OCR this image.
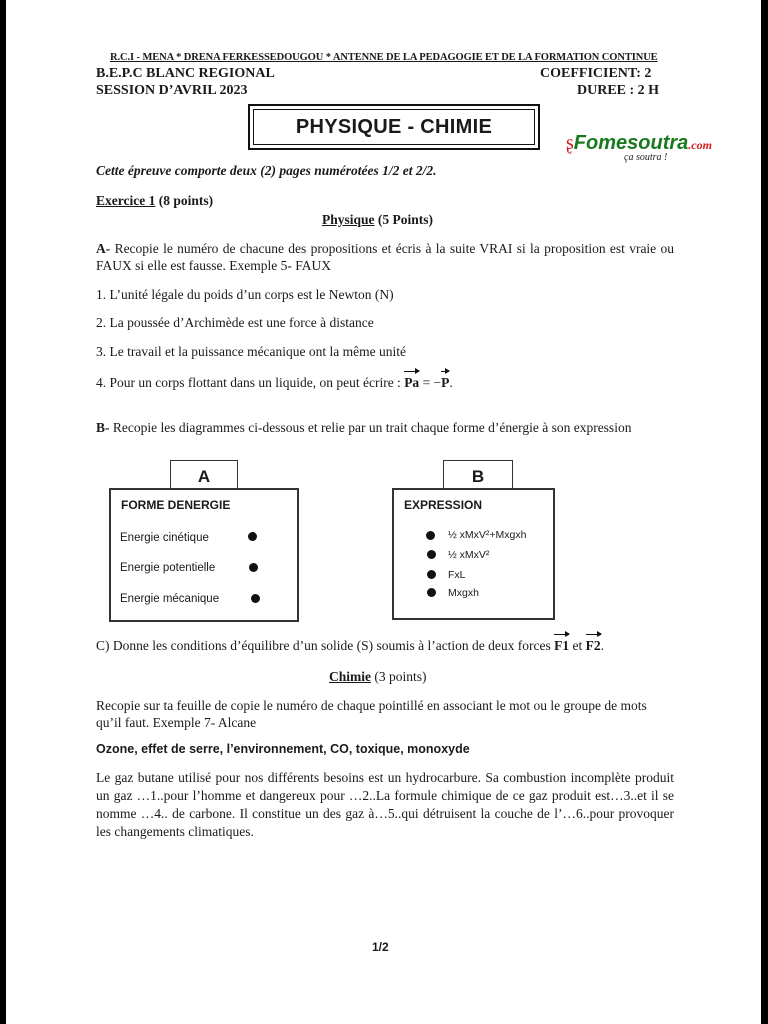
R.C.I - MENA * DRENA FERKESSEDOUGOU * ANTENNE DE LA PEDAGOGIE ET DE LA FORMATION CONTINUE
B.E.P.C BLANC REGIONAL	COEFFICIENT: 2
SESSION D’AVRIL 2023	DUREE : 2 H
PHYSIQUE - CHIMIE
ʂFomesoutra.com
ça soutra !
Cette épreuve comporte deux (2) pages numérotées 1/2 et 2/2.
Exercice 1 (8 points)
Physique (5 Points)
A- Recopie le numéro de chacune des propositions et écris à la suite VRAI si la proposition est vraie ou FAUX si elle est fausse. Exemple 5- FAUX
1. L’unité légale du poids d’un corps est le Newton (N)
2. La poussée d’Archimède est une force à distance
3. Le travail et la puissance mécanique ont la même unité
4. Pour un corps flottant dans un liquide, on peut écrire : Pa = −P.
B- Recopie les diagrammes ci-dessous et relie par un trait chaque forme d’énergie à son expression
A
FORME DENERGIE
Energie cinétique
Energie potentielle
Energie mécanique
B
EXPRESSION
½ xMxV²+Mxgxh
½ xMxV²
FxL
Mxgxh
C) Donne les conditions d’équilibre d’un solide (S) soumis à l’action de deux forces F1 et F2.
Chimie (3 points)
Recopie sur ta feuille de copie le numéro de chaque pointillé en associant le mot ou le groupe de mots qu’il faut. Exemple 7- Alcane
Ozone, effet de serre, l’environnement, CO, toxique, monoxyde
Le gaz butane utilisé pour nos différents besoins est un hydrocarbure. Sa combustion incomplète produit un gaz …1..pour l’homme et dangereux pour …2..La formule chimique de ce gaz produit est…3..et il se nomme …4.. de carbone. Il constitue un des gaz à…5..qui détruisent la couche de l’…6..pour provoquer les changements climatiques.
1/2
